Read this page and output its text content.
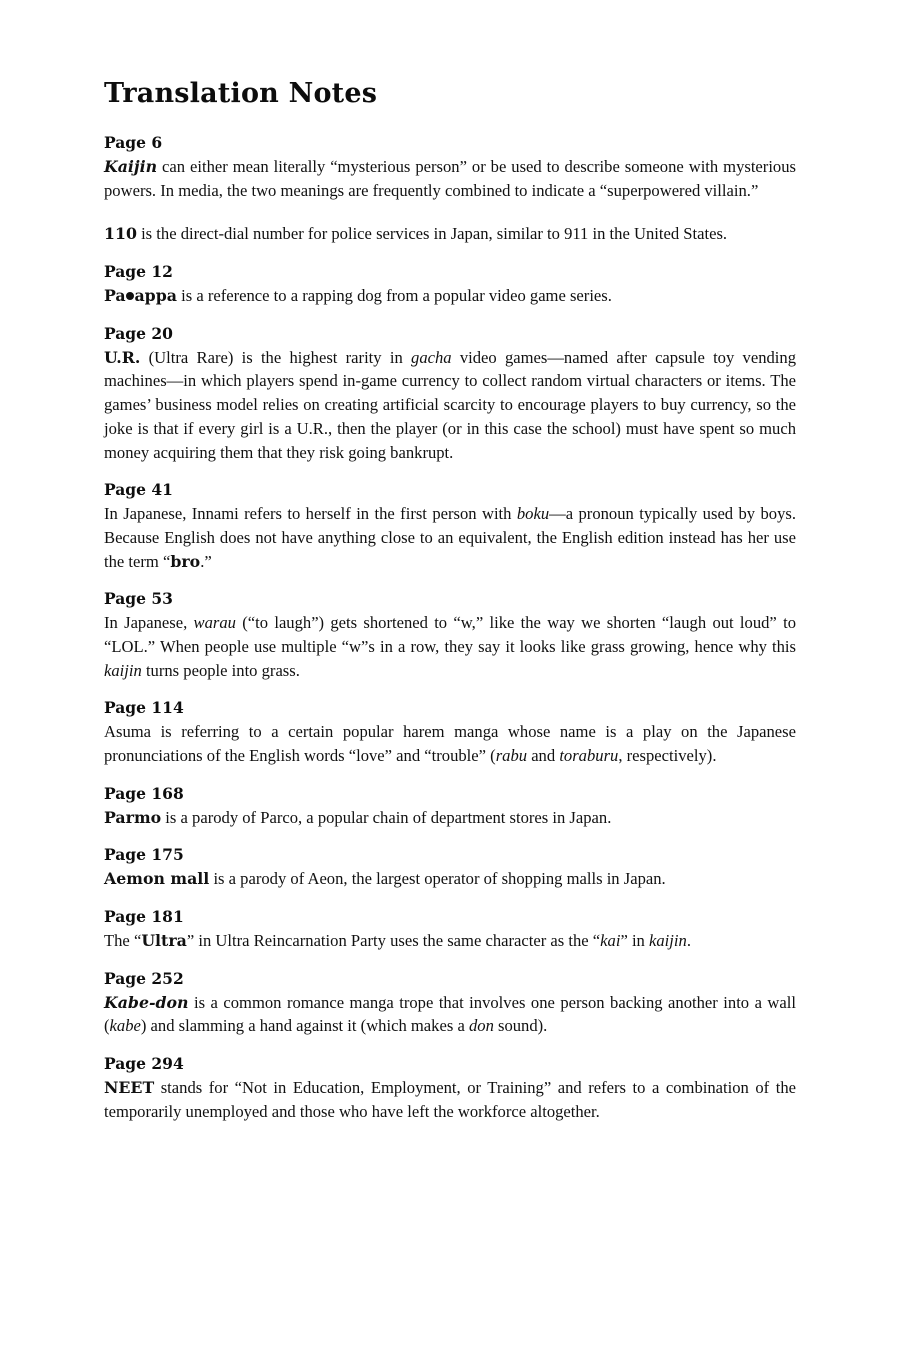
Translation Notes
Page 6

Kaijin can either mean literally “mysterious person” or be used to describe someone with mysterious powers. In media, the two meanings are frequently combined to indicate a “superpowered villain.”

110 is the direct-dial number for police services in Japan, similar to 911 in the United States.

Page 12

Pa appa is a reference to a rapping dog from a popular video game series.

Page 20

U.R. (Ultra Rare) is the highest rarity in gacha video games—named after capsule toy vending machines—in which players spend in-game currency to collect random virtual characters or items. The games’ business model relies on creating artificial scarcity to encourage players to buy currency, so the joke is that if every girl is a U.R., then the player (or in this case the school) must have spent so much money acquiring them that they risk going bankrupt.

Page 41

In Japanese, Innami refers to herself in the first person with boku—a pronoun typically used by boys. Because English does not have anything close to an equivalent, the English edition instead has her use the term “bro.”

Page 53

In Japanese, warau (“to laugh”) gets shortened to “w,” like the way we shorten “laugh out loud” to “LOL.” When people use multiple “w”s in a row, they say it looks like grass growing, hence why this kaijin turns people into grass.

Page 114

Asuma is referring to a certain popular harem manga whose name is a play on the Japanese pronunciations of the English words “love” and “trouble” (rabu and toraburu, respectively).

Page 168

Parmo is a parody of Parco, a popular chain of department stores in Japan.

Page 175

Aemon mall is a parody of Aeon, the largest operator of shopping malls in Japan.

Page 181

The “Ultra” in Ultra Reincarnation Party uses the same character as the “kai” in kaijin.

Page 252

Kabe-don is a common romance manga trope that involves one person backing another into a wall (kabe) and slamming a hand against it (which makes a don sound).

Page 294

NEET stands for “Not in Education, Employment, or Training” and refers to a combination of the temporarily unemployed and those who have left the workforce altogether.
